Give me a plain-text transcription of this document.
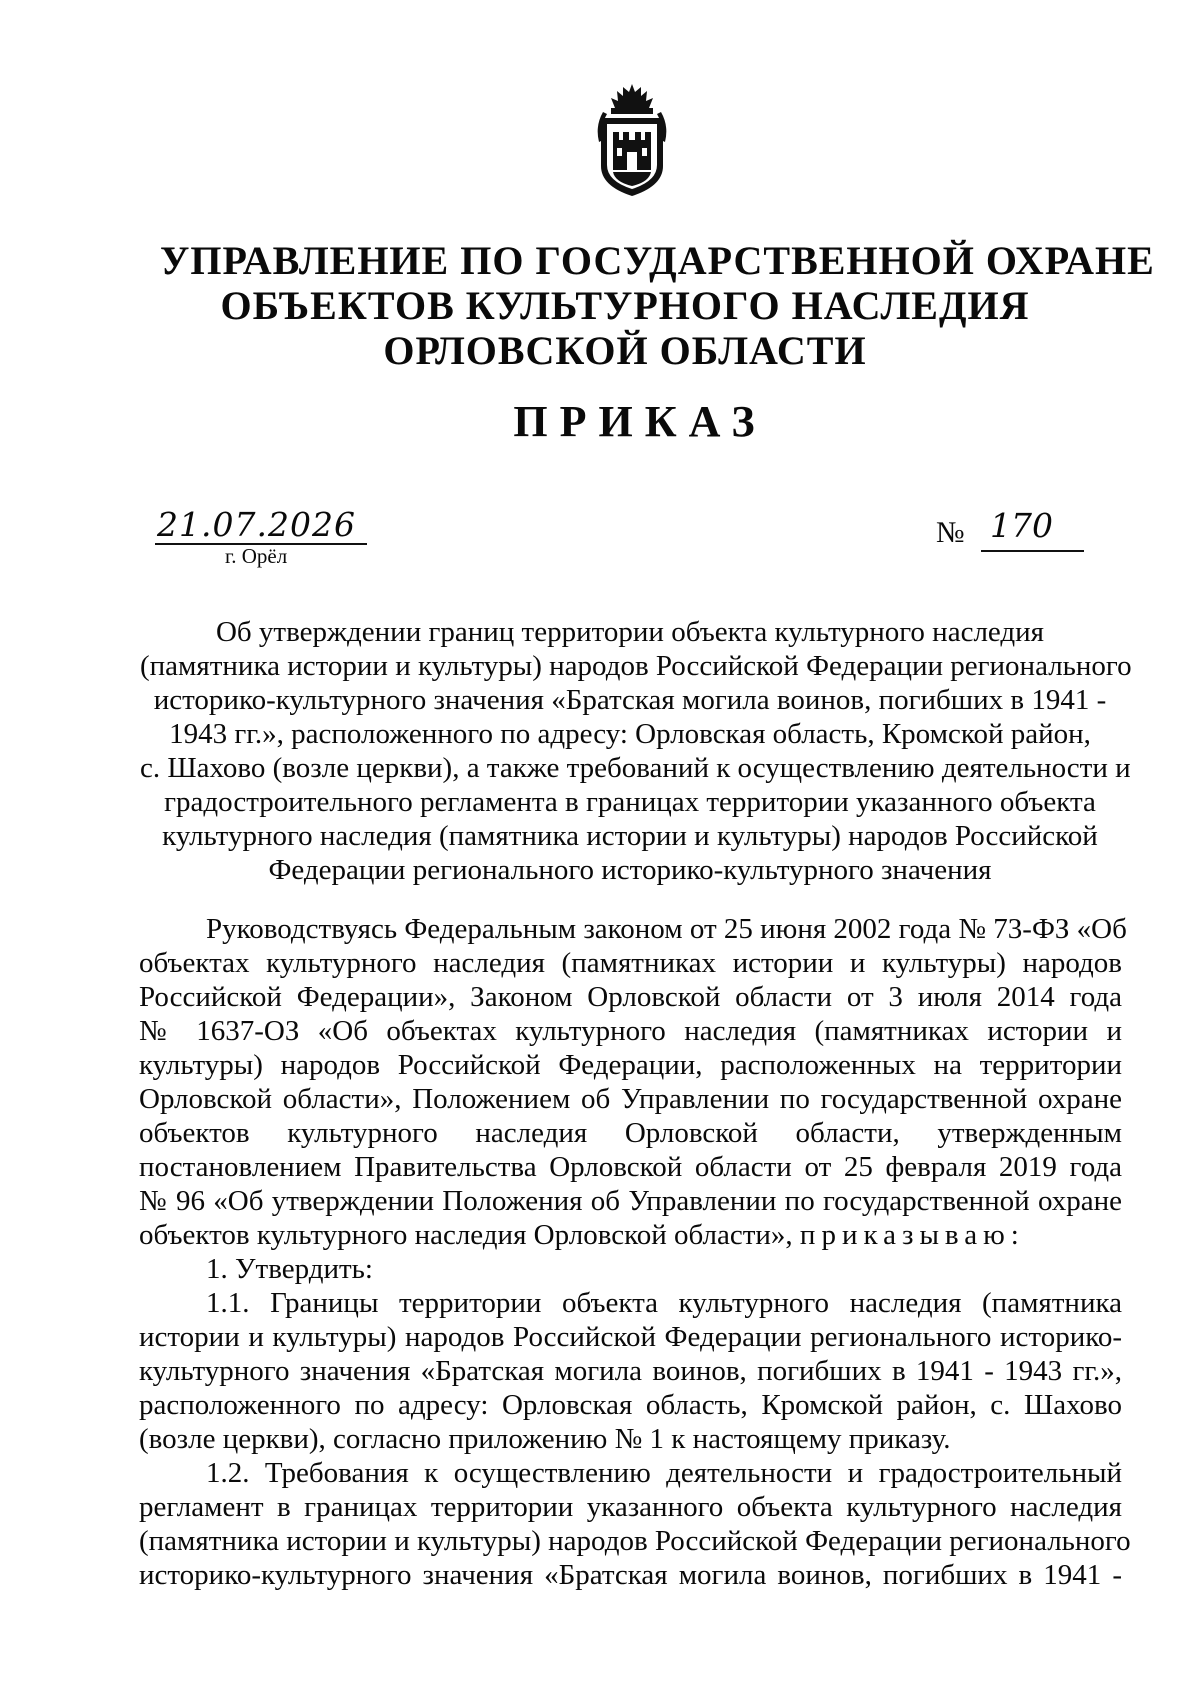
УПРАВЛЕНИЕ ПО ГОСУДАРСТВЕННОЙ ОХРАНЕ
ОБЪЕКТОВ КУЛЬТУРНОГО НАСЛЕДИЯ
ОРЛОВСКОЙ ОБЛАСТИ
ПРИКАЗ
21.07.2026
г. Орёл
№ 170
Об утверждении границ территории объекта культурного наследия
(памятника истории и культуры) народов Российской Федерации регионального
историко-культурного значения «Братская могила воинов, погибших в 1941 -
1943 гг.», расположенного по адресу: Орловская область, Кромской район,
с. Шахово (возле церкви), а также требований к осуществлению деятельности и
градостроительного регламента в границах территории указанного объекта
культурного наследия (памятника истории и культуры) народов Российской
Федерации регионального историко-культурного значения
Руководствуясь Федеральным законом от 25 июня 2002 года № 73-ФЗ «Об
объектах культурного наследия (памятниках истории и культуры) народов
Российской Федерации», Законом Орловской области от 3 июля 2014 года
№ 1637-ОЗ «Об объектах культурного наследия (памятниках истории и
культуры) народов Российской Федерации, расположенных на территории
Орловской области», Положением об Управлении по государственной охране
объектов культурного наследия Орловской области, утвержденным
постановлением Правительства Орловской области от 25 февраля 2019 года
№ 96 «Об утверждении Положения об Управлении по государственной охране
объектов культурного наследия Орловской области», приказываю:
1. Утвердить:
1.1. Границы территории объекта культурного наследия (памятника
истории и культуры) народов Российской Федерации регионального историко-
культурного значения «Братская могила воинов, погибших в 1941 - 1943 гг.»,
расположенного по адресу: Орловская область, Кромской район, с. Шахово
(возле церкви), согласно приложению № 1 к настоящему приказу.
1.2. Требования к осуществлению деятельности и градостроительный
регламент в границах территории указанного объекта культурного наследия
(памятника истории и культуры) народов Российской Федерации регионального
историко-культурного значения «Братская могила воинов, погибших в 1941 -
